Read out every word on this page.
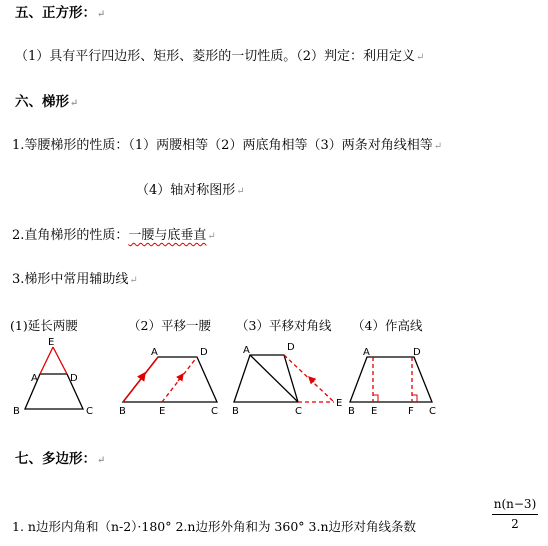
五、正方形：↵
（1）具有平行四边形、矩形、菱形的一切性质。（2）判定：利用定义↵
六、梯形↵
1.等腰梯形的性质：（1）两腰相等（2）两底角相等（3）两条对角线相等↵
（4）轴对称图形↵
2.直角梯形的性质：一腰与底垂直↵
3.梯形中常用辅助线↵
(1)延长两腰	（2）平移一腰 （3）平移对角线 （4）作高线
E
A	D
B	C
A	D
B	E	C
A	D
B	C
E
A	D
B E	F C
七、多边形：↵
1. n边形内角和（n-2）·180° 2.n边形外角和为 360° 3.n边形对角线条数
n(n−3)
2
